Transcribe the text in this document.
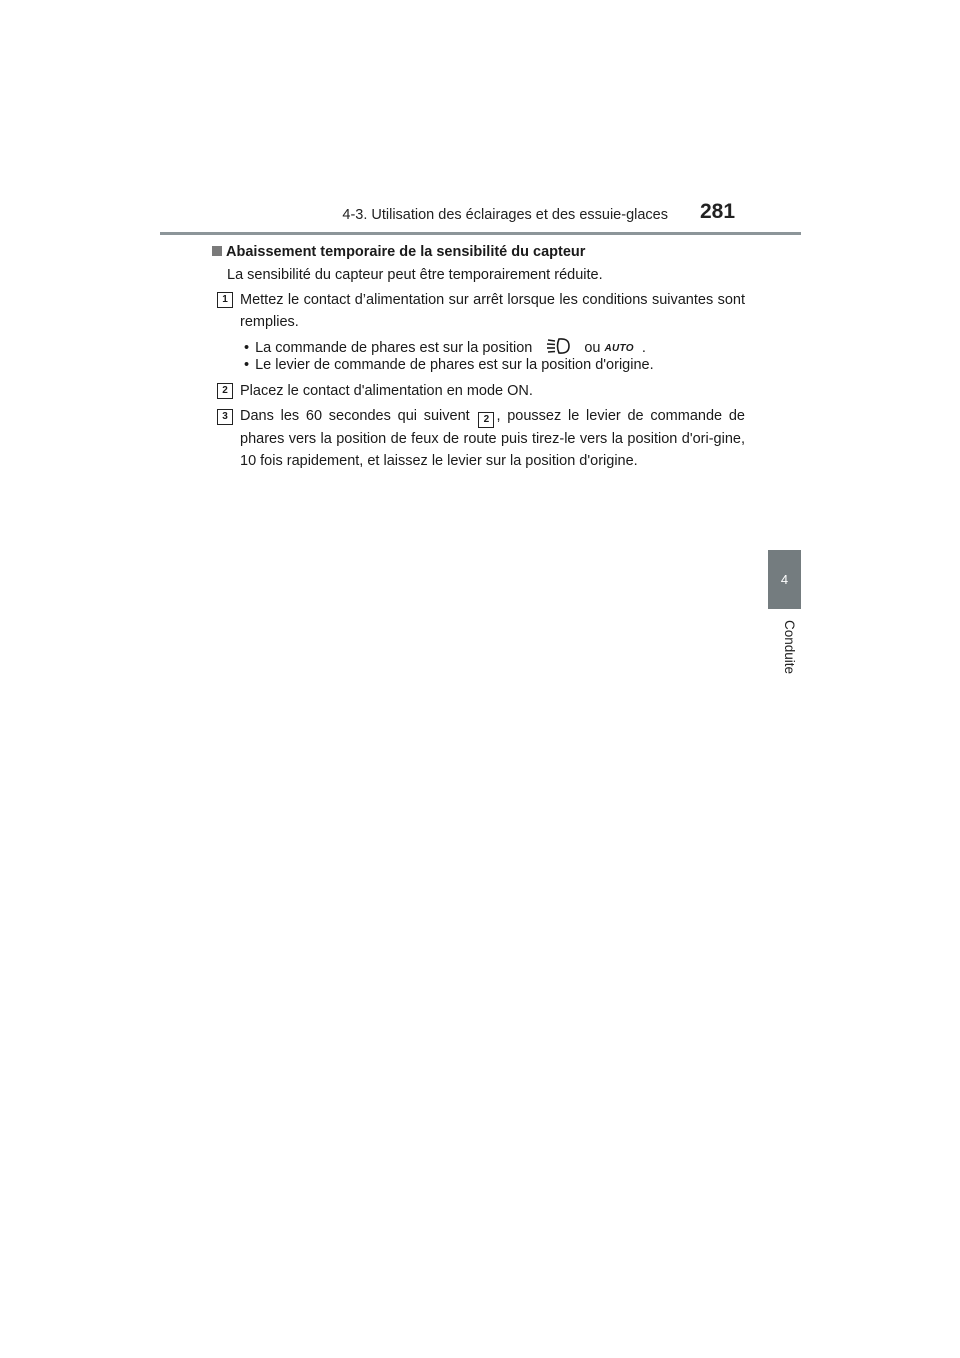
4-3. Utilisation des éclairages et des essuie-glaces 281
4
Conduite
Abaissement temporaire de la sensibilité du capteur
La sensibilité du capteur peut être temporairement réduite.
1 Mettez le contact d’alimentation sur arrêt lorsque les conditions suivantes sont remplies.
• La commande de phares est sur la position	ou AUTO .
• Le levier de commande de phares est sur la position d'origine.
2 Placez le contact d'alimentation en mode ON.
3 Dans les 60 secondes qui suivent 2 , poussez le levier de commande de phares vers la position de feux de route puis tirez-le vers la position d'ori-gine, 10 fois rapidement, et laissez le levier sur la position d'origine.
